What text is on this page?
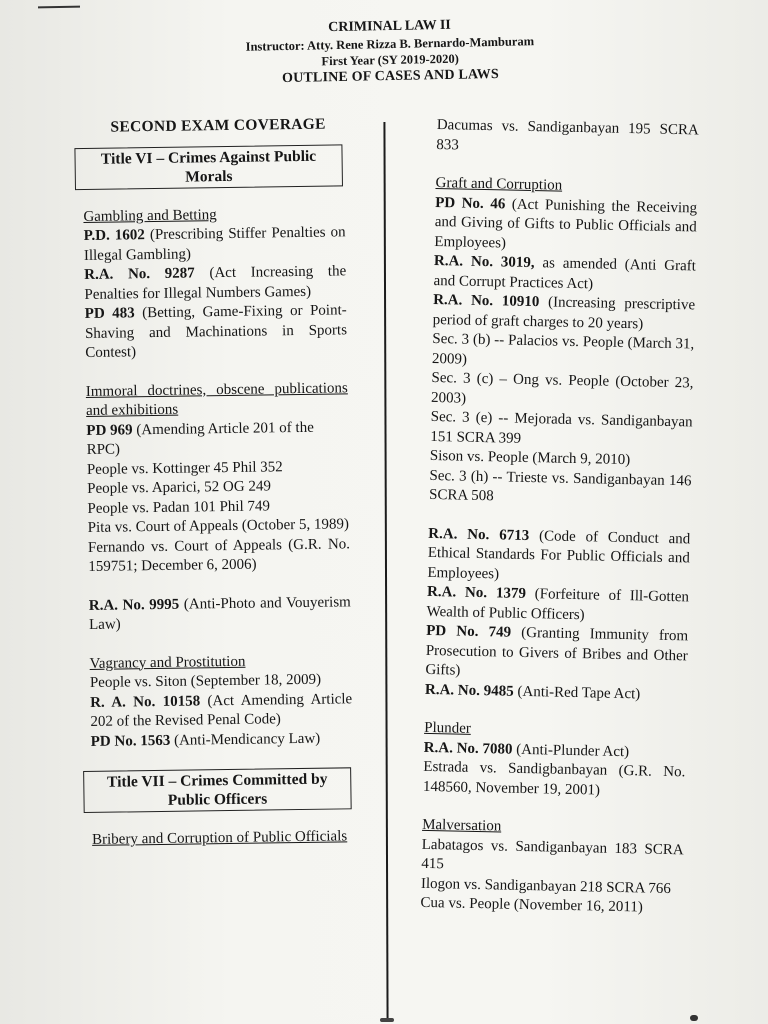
CRIMINAL LAW II
Instructor: Atty. Rene Rizza B. Bernardo-Mamburam
First Year (SY 2019-2020)
OUTLINE OF CASES AND LAWS
SECOND EXAM COVERAGE
Title VI – Crimes Against Public Morals
Gambling and Betting
P.D. 1602 (Prescribing Stiffer Penalties on Illegal Gambling)
R.A. No. 9287 (Act Increasing the Penalties for Illegal Numbers Games)
PD 483 (Betting, Game-Fixing or Point-Shaving and Machinations in Sports Contest)
Immoral doctrines, obscene publications and exhibitions
PD 969 (Amending Article 201 of the RPC)
People vs. Kottinger 45 Phil 352
People vs. Aparici, 52 OG 249
People vs. Padan 101 Phil 749
Pita vs. Court of Appeals (October 5, 1989)
Fernando vs. Court of Appeals (G.R. No. 159751; December 6, 2006)
R.A. No. 9995 (Anti-Photo and Vouyerism Law)
Vagrancy and Prostitution
People vs. Siton (September 18, 2009)
R. A. No. 10158 (Act Amending Article 202 of the Revised Penal Code)
PD No. 1563 (Anti-Mendicancy Law)
Title VII – Crimes Committed by Public Officers
Bribery and Corruption of Public Officials
Dacumas vs. Sandiganbayan 195 SCRA 833
Graft and Corruption
PD No. 46 (Act Punishing the Receiving and Giving of Gifts to Public Officials and Employees)
R.A. No. 3019, as amended (Anti Graft and Corrupt Practices Act)
R.A. No. 10910 (Increasing prescriptive period of graft charges to 20 years)
Sec. 3 (b) -- Palacios vs. People (March 31, 2009)
Sec. 3 (c) – Ong vs. People (October 23, 2003)
Sec. 3 (e) -- Mejorada vs. Sandiganbayan 151 SCRA 399
Sison vs. People (March 9, 2010)
Sec. 3 (h) -- Trieste vs. Sandiganbayan 146 SCRA 508
R.A. No. 6713 (Code of Conduct and Ethical Standards For Public Officials and Employees)
R.A. No. 1379 (Forfeiture of Ill-Gotten Wealth of Public Officers)
PD No. 749 (Granting Immunity from Prosecution to Givers of Bribes and Other Gifts)
R.A. No. 9485 (Anti-Red Tape Act)
Plunder
R.A. No. 7080 (Anti-Plunder Act)
Estrada vs. Sandigbanbayan (G.R. No. 148560, November 19, 2001)
Malversation
Labatagos vs. Sandiganbayan 183 SCRA 415
Ilogon vs. Sandiganbayan 218 SCRA 766
Cua vs. People (November 16, 2011)
